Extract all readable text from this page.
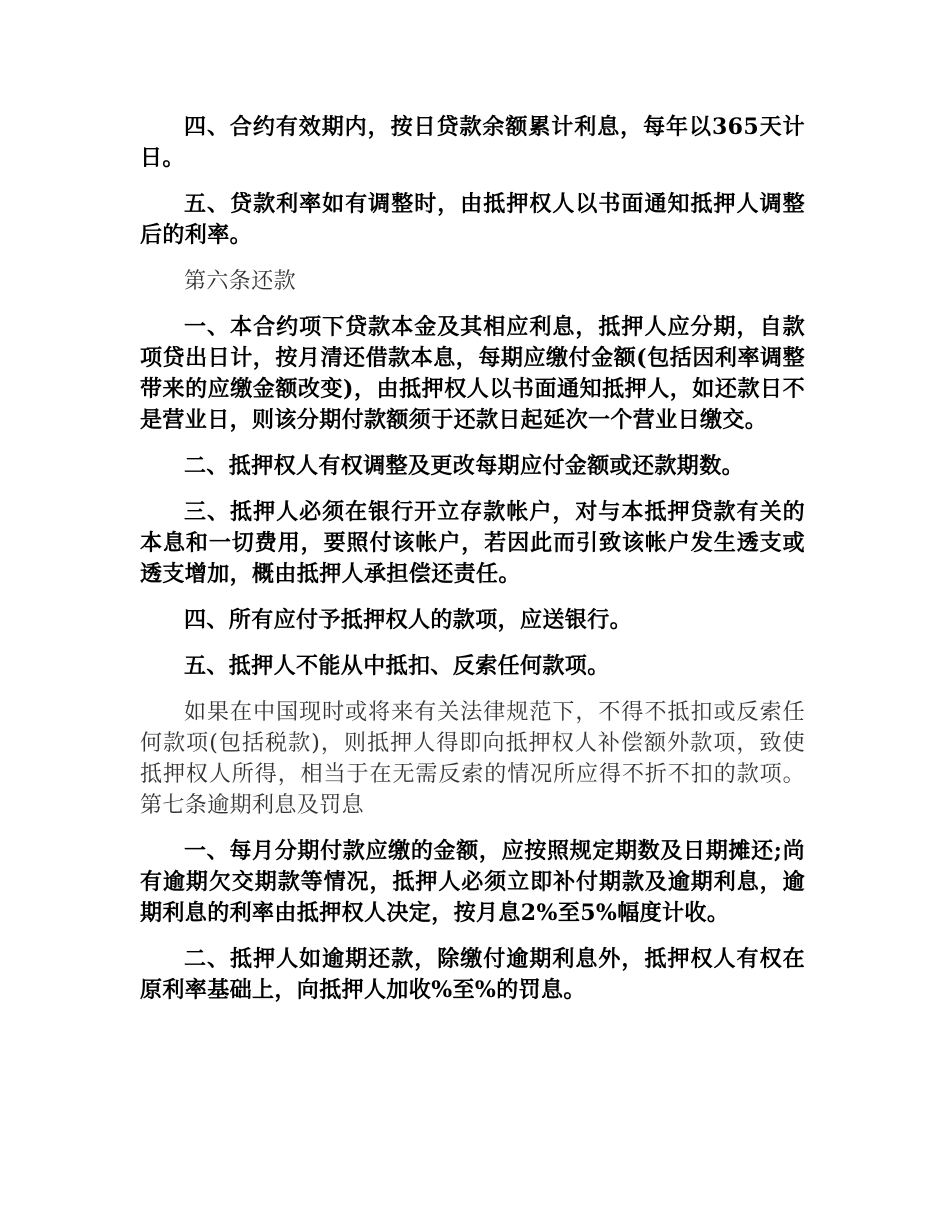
四、合约有效期内，按日贷款余额累计利息，每年以365天计日。

五、贷款利率如有调整时，由抵押权人以书面通知抵押人调整后的利率。

第六条还款

一、本合约项下贷款本金及其相应利息，抵押人应分期，自款项贷出日计，按月清还借款本息，每期应缴付金额(包括因利率调整带来的应缴金额改变)，由抵押权人以书面通知抵押人，如还款日不是营业日，则该分期付款额须于还款日起延次一个营业日缴交。

二、抵押权人有权调整及更改每期应付金额或还款期数。

三、抵押人必须在银行开立存款帐户，对与本抵押贷款有关的本息和一切费用，要照付该帐户，若因此而引致该帐户发生透支或透支增加，概由抵押人承担偿还责任。

四、所有应付予抵押权人的款项，应送银行。

五、抵押人不能从中抵扣、反索任何款项。

如果在中国现时或将来有关法律规范下，不得不抵扣或反索任何款项(包括税款)，则抵押人得即向抵押权人补偿额外款项，致使抵押权人所得，相当于在无需反索的情况所应得不折不扣的款项。第七条逾期利息及罚息

一、每月分期付款应缴的金额，应按照规定期数及日期摊还;尚有逾期欠交期款等情况，抵押人必须立即补付期款及逾期利息，逾期利息的利率由抵押权人决定，按月息2%至5%幅度计收。

二、抵押人如逾期还款，除缴付逾期利息外，抵押权人有权在原利率基础上，向抵押人加收%至%的罚息。
